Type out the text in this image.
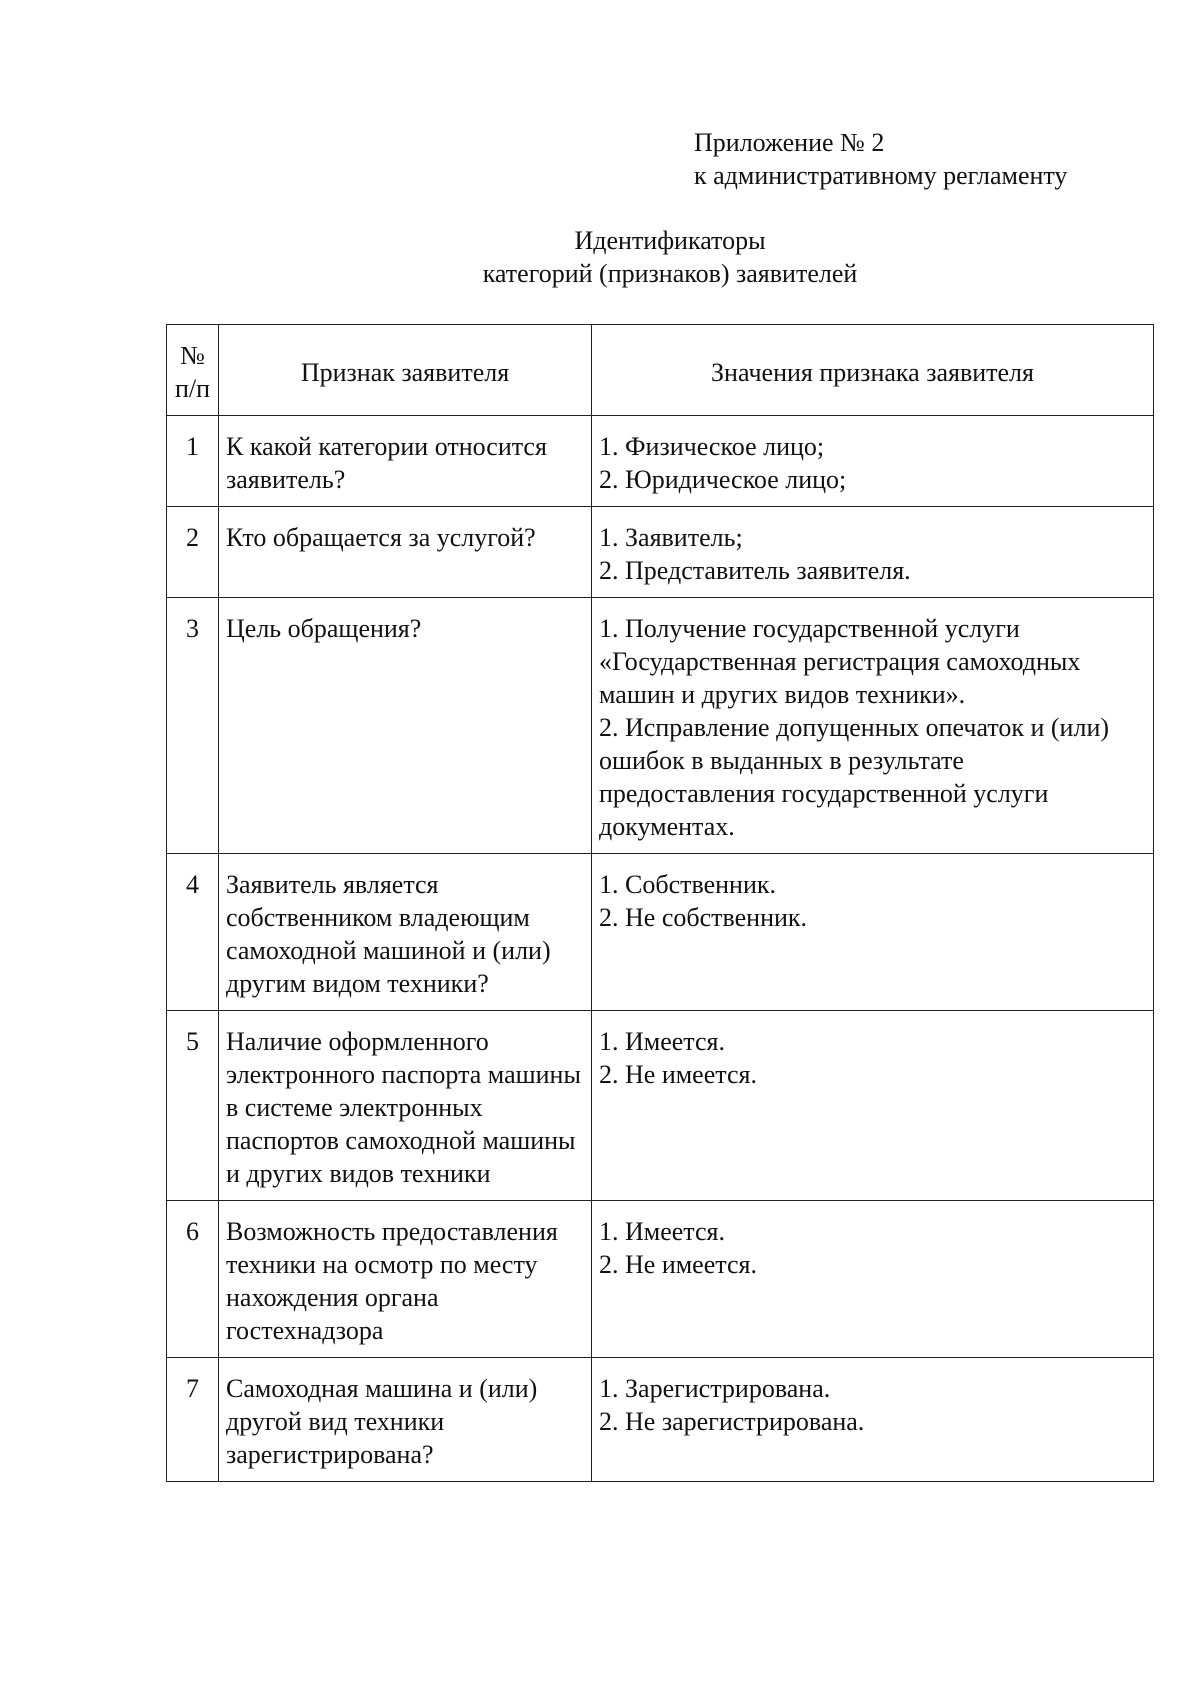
Приложение № 2
к административному регламенту
Идентификаторы
категорий (признаков) заявителей
№
п/п	Признак заявителя	Значения признака заявителя
1	К какой категории относится заявитель?	1. Физическое лицо;
2. Юридическое лицо;

2	Кто обращается за услугой?	1. Заявитель;
2. Представитель заявителя.

3	Цель обращения?	1. Получение государственной услуги «Государственная регистрация самоходных машин и других видов техники».
2. Исправление допущенных опечаток и (или) ошибок в выданных в результате предоставления государственной услуги документах.

4	Заявитель является собственником владеющим самоходной машиной и (или) другим видом техники?	1. Собственник.
2. Не собственник.

5	Наличие оформленного электронного паспорта машины в системе электронных паспортов самоходной машины и других видов техники	1. Имеется.
2. Не имеется.

6	Возможность предоставления техники на осмотр по месту нахождения органа гостехнадзора	1. Имеется.
2. Не имеется.

7	Самоходная машина и (или) другой вид техники зарегистрирована?	1. Зарегистрирована.
2. Не зарегистрирована.
